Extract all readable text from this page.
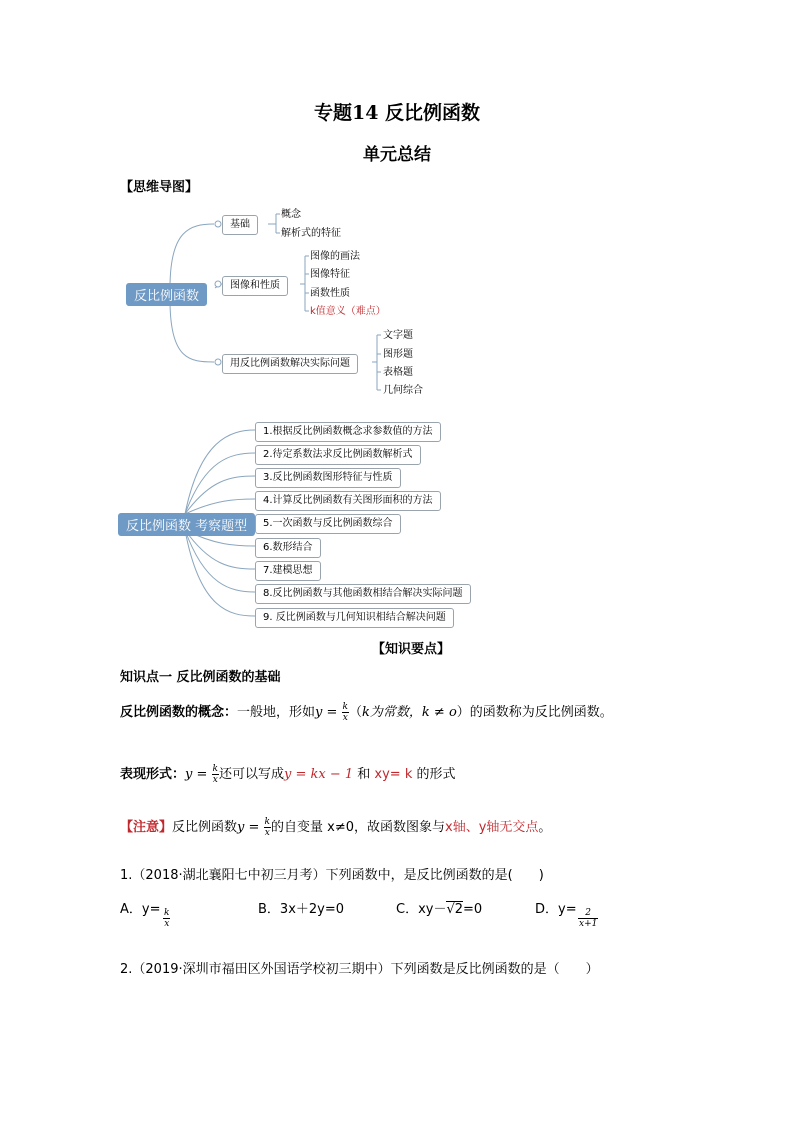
专题14 反比例函数
单元总结
【思维导图】
反比例函数
基础
图像和性质
用反比例函数解决实际问题
概念
解析式的特征
图像的画法
图像特征
函数性质
k值意义（难点）
文字题
图形题
表格题
几何综合
反比例函数 考察题型
1.根据反比例函数概念求参数值的方法
2.待定系数法求反比例函数解析式
3.反比例函数图形特征与性质
4.计算反比例函数有关图形面积的方法
5.一次函数与反比例函数综合
6.数形结合
7.建模思想
8.反比例函数与其他函数相结合解决实际问题
9. 反比例函数与几何知识相结合解决问题
【知识要点】
知识点一 反比例函数的基础
反比例函数的概念：一般地，形如$y = \frac{k}{x} (k$为常数，k ≠ o）的函数称为反比例函数。
表现形式：$y = \frac{k}{x}$ 还可以写成y = kx − 1 和 xy= k 的形式
【注意】反比例函数$y = \frac{k}{x}$ 的自变量 x≠0，故函数图象与x轴、y轴无交点。
1.（2018·湖北襄阳七中初三月考）下列函数中，是反比例函数的是(　　)
A．$y= \frac{k}{x}$	B．3x＋2y=0	C．xy－√2=0	D．$y= \frac{2}{x+1}$
2.（2019·深圳市福田区外国语学校初三期中）下列函数是反比例函数的是（　　）
